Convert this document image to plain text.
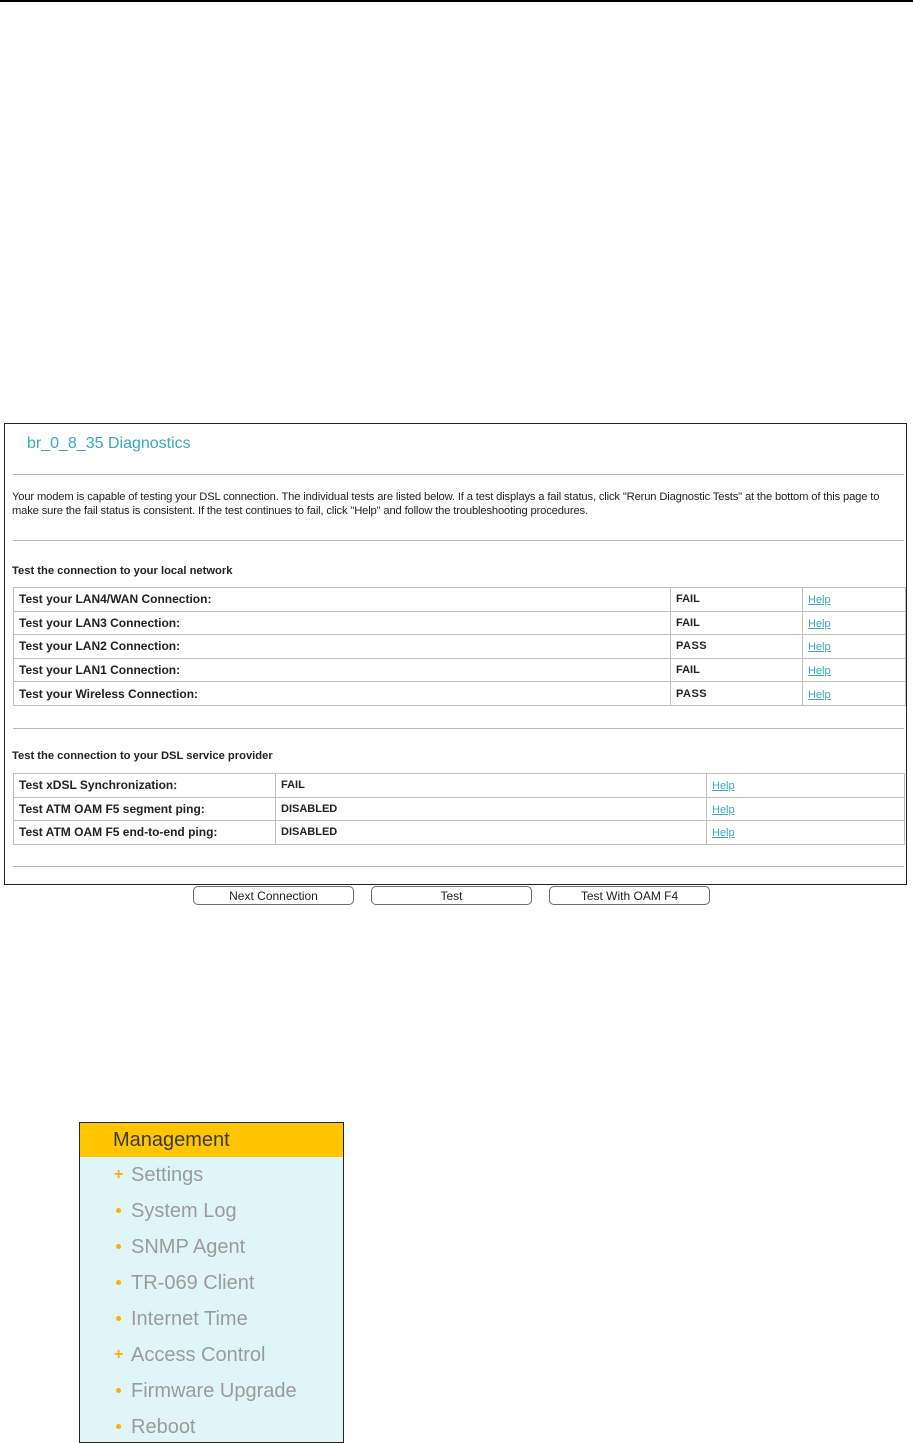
br_0_8_35 Diagnostics
Your modem is capable of testing your DSL connection. The individual tests are listed below. If a test displays a fail status, click "Rerun Diagnostic Tests" at the bottom of this page to make sure the fail status is consistent. If the test continues to fail, click "Help" and follow the troubleshooting procedures.
Test the connection to your local network
Test your LAN4/WAN Connection:	FAIL	Help
Test your LAN3 Connection:	FAIL	Help
Test your LAN2 Connection:	PASS	Help
Test your LAN1 Connection:	FAIL	Help
Test your Wireless Connection:	PASS	Help
Test the connection to your DSL service provider
Test xDSL Synchronization:	FAIL	Help
Test ATM OAM F5 segment ping:	DISABLED	Help
Test ATM OAM F5 end-to-end ping:	DISABLED	Help
Next Connection	Test	Test With OAM F4
Management
+ Settings
System Log
SNMP Agent
TR-069 Client
Internet Time
+ Access Control
Firmware Upgrade
Reboot
